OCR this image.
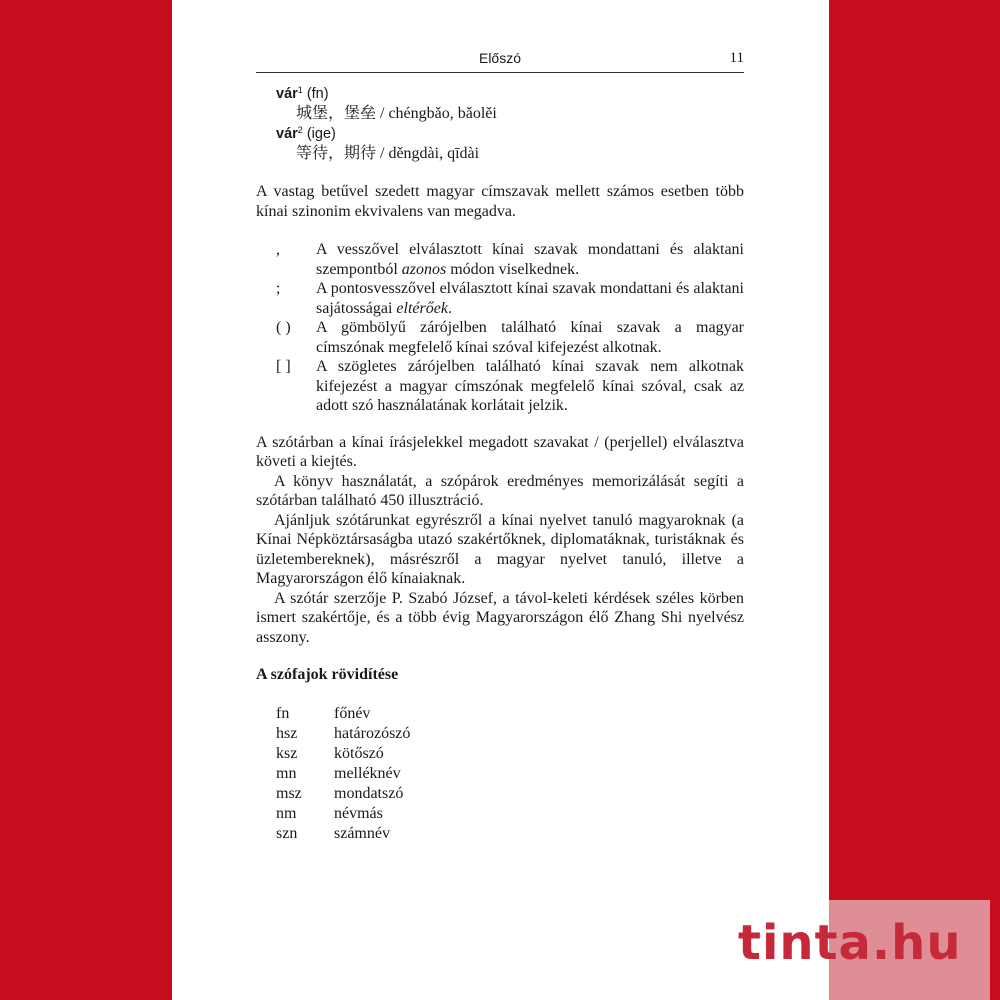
Előszó	11
vár$^1$ (fn)
城堡，堡垒 / chéngbǎo, bǎolěi
vár$^2$ (ige)
等待，期待 / děngdài, qīdài
A vastag betűvel szedett magyar címszavak mellett számos esetben több kínai szinonim ekvivalens van megadva.
,	A vesszővel elválasztott kínai szavak mondattani és alaktani szempontból azonos módon viselkednek.
;	A pontosvesszővel elválasztott kínai szavak mondattani és alaktani sajátosságai eltérőek.
( )	A gömbölyű zárójelben található kínai szavak a magyar címszónak megfelelő kínai szóval kifejezést alkotnak.
[ ]	A szögletes zárójelben található kínai szavak nem alkotnak kifejezést a magyar címszónak megfelelő kínai szóval, csak az adott szó használatának korlátait jelzik.

A szótárban a kínai írásjelekkel megadott szavakat / (perjellel) elválasztva követi a kiejtés.

A könyv használatát, a szópárok eredményes memorizálását segíti a szótárban található 450 illusztráció.

Ajánljuk szótárunkat egyrészről a kínai nyelvet tanuló magyaroknak (a Kínai Népköztársaságba utazó szakértőknek, diplomatáknak, turistáknak és üzletembereknek), másrészről a magyar nyelvet tanuló, illetve a Magyarországon élő kínaiaknak.

A szótár szerzője P. Szabó József, a távol-keleti kérdések széles körben ismert szakértője, és a több évig Magyarországon élő Zhang Shi nyelvész asszony.

A szófajok rövidítése
fn	főnév
hsz	határozószó
ksz	kötőszó
mn	melléknév
msz	mondatszó
nm	névmás
szn	számnév
tinta.hu
